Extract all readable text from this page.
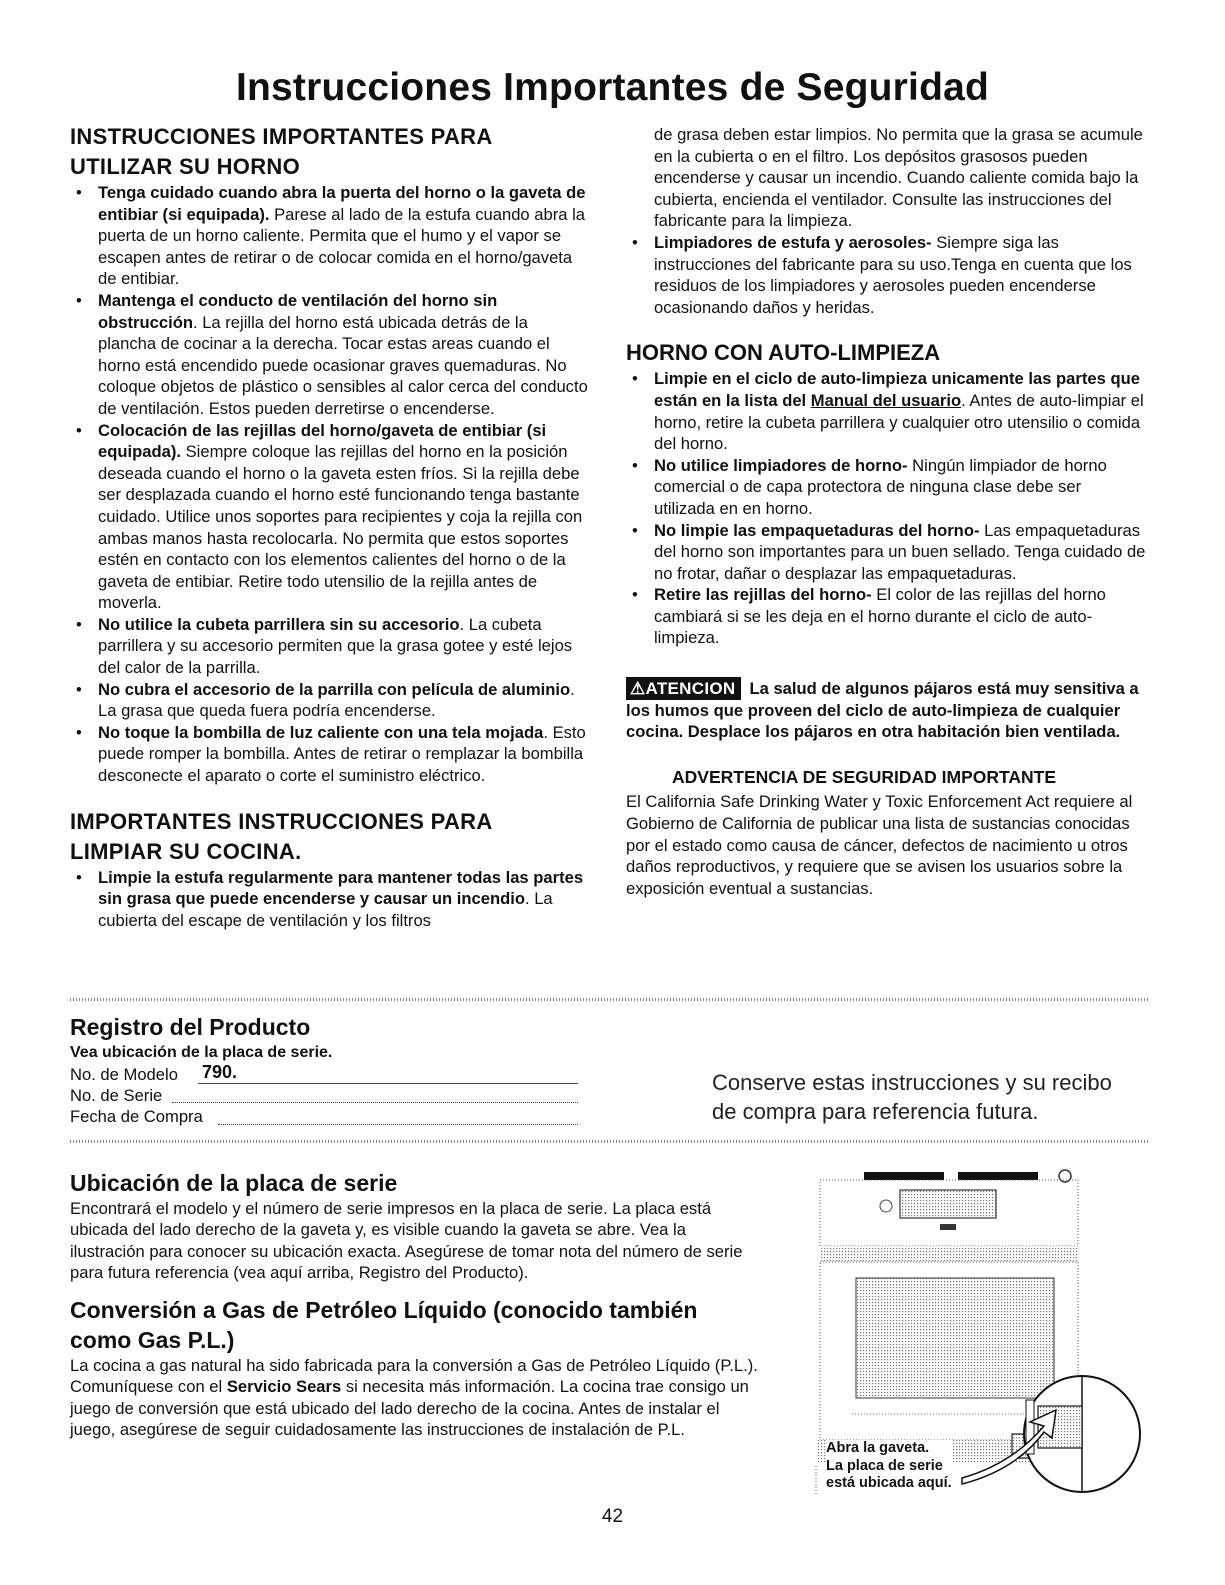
Instrucciones Importantes de Seguridad
INSTRUCCIONES IMPORTANTES PARA UTILIZAR SU HORNO
• Tenga cuidado cuando abra la puerta del horno o la gaveta de entibiar (si equipada). Parese al lado de la estufa cuando abra la puerta de un horno caliente. Permita que el humo y el vapor se escapen antes de retirar o de colocar comida en el horno/gaveta de entibiar.
• Mantenga el conducto de ventilación del horno sin obstrucción. La rejilla del horno está ubicada detrás de la plancha de cocinar a la derecha. Tocar estas areas cuando el horno está encendido puede ocasionar graves quemaduras. No coloque objetos de plástico o sensibles al calor cerca del conducto de ventilación. Estos pueden derretirse o encenderse.
• Colocación de las rejillas del horno/gaveta de entibiar (si equipada). Siempre coloque las rejillas del horno en la posición deseada cuando el horno o la gaveta esten fríos. Si la rejilla debe ser desplazada cuando el horno esté funcionando tenga bastante cuidado. Utilice unos soportes para recipientes y coja la rejilla con ambas manos hasta recolocarla. No permita que estos soportes estén en contacto con los elementos calientes del horno o de la gaveta de entibiar. Retire todo utensilio de la rejilla antes de moverla.
• No utilice la cubeta parrillera sin su accesorio. La cubeta parrillera y su accesorio permiten que la grasa gotee y esté lejos del calor de la parrilla.
• No cubra el accesorio de la parrilla con película de aluminio. La grasa que queda fuera podría encenderse.
• No toque la bombilla de luz caliente con una tela mojada. Esto puede romper la bombilla. Antes de retirar o remplazar la bombilla desconecte el aparato o corte el suministro eléctrico.
IMPORTANTES INSTRUCCIONES PARA LIMPIAR SU COCINA.
• Limpie la estufa regularmente para mantener todas las partes sin grasa que puede encenderse y causar un incendio. La cubierta del escape de ventilación y los filtros
de grasa deben estar limpios. No permita que la grasa se acumule en la cubierta o en el filtro. Los depósitos grasosos pueden encenderse y causar un incendio. Cuando caliente comida bajo la cubierta, encienda el ventilador. Consulte las instrucciones del fabricante para la limpieza.
• Limpiadores de estufa y aerosoles- Siempre siga las instrucciones del fabricante para su uso.Tenga en cuenta que los residuos de los limpiadores y aerosoles pueden encenderse ocasionando daños y heridas.
HORNO CON AUTO-LIMPIEZA
• Limpie en el ciclo de auto-limpieza unicamente las partes que están en la lista del Manual del usuario. Antes de auto-limpiar el horno, retire la cubeta parrillera y cualquier otro utensilio o comida del horno.
• No utilice limpiadores de horno- Ningún limpiador de horno comercial o de capa protectora de ninguna clase debe ser utilizada en en horno.
• No limpie las empaquetaduras del horno- Las empaquetaduras del horno son importantes para un buen sellado. Tenga cuidado de no frotar, dañar o desplazar las empaquetaduras.
• Retire las rejillas del horno- El color de las rejillas del horno cambiará si se les deja en el horno durante el ciclo de auto-limpieza.
⚠ATENCION La salud de algunos pájaros está muy sensitiva a los humos que proveen del ciclo de auto-limpieza de cualquier cocina. Desplace los pájaros en otra habitación bien ventilada.
ADVERTENCIA DE SEGURIDAD IMPORTANTE
El California Safe Drinking Water y Toxic Enforcement Act requiere al Gobierno de California de publicar una lista de sustancias conocidas por el estado como causa de cáncer, defectos de nacimiento u otros daños reproductivos, y requiere que se avisen los usuarios sobre la exposición eventual a sustancias.
Registro del Producto
Vea ubicación de la placa de serie.
No. de Modelo 790.
No. de Serie
Fecha de Compra
Conserve estas instrucciones y su recibo de compra para referencia futura.
Ubicación de la placa de serie
Encontrará el modelo y el número de serie impresos en la placa de serie. La placa está ubicada del lado derecho de la gaveta y, es visible cuando la gaveta se abre. Vea la ilustración para conocer su ubicación exacta. Asegúrese de tomar nota del número de serie para futura referencia (vea aquí arriba, Registro del Producto).
Conversión a Gas de Petróleo Líquido (conocido también como Gas P.L.)
La cocina a gas natural ha sido fabricada para la conversión a Gas de Petróleo Líquido (P.L.). Comuníquese con el Servicio Sears si necesita más información. La cocina trae consigo un juego de conversión que está ubicado del lado derecho de la cocina. Antes de instalar el juego, asegúrese de seguir cuidadosamente las instrucciones de instalación de P.L.
Abra la gaveta.
La placa de serie
está ubicada aquí.
42
